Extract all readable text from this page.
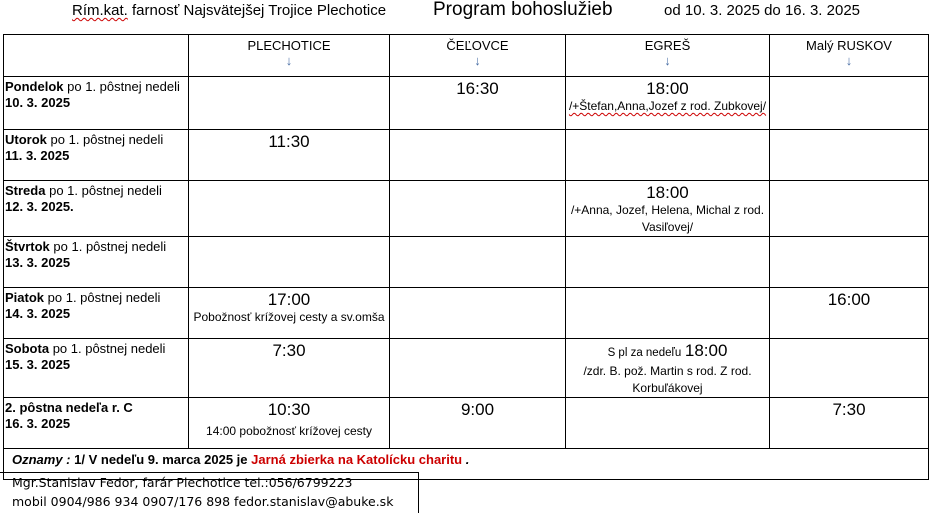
Rím.kat. farnosť Najsvätejšej Trojice Plechotice Program bohoslužieb	od 10. 3. 2025 do 16. 3. 2025
	PLECHOTICE
↓	ČEĽOVCE
↓	EGREŠ
↓	Malý RUSKOV
↓

Pondelok po 1. pôstnej nedeli 10. 3. 2025		16:30	18:00
/+Štefan,Anna,Jozef z rod. Zubkovej/	

Utorok po 1. pôstnej nedeli
11. 3. 2025	11:30			

Streda po 1. pôstnej nedeli
12. 3. 2025.			18:00
/+Anna, Jozef, Helena, Michal z rod. Vasiľovej/	

Štvrtok po 1. pôstnej nedeli
13. 3. 2025				
Piatok po 1. pôstnej nedeli
14. 3. 2025	17:00
Pobožnosť krížovej cesty a sv.omša			16:00

Sobota po 1. pôstnej nedeli
15. 3. 2025	7:30		S pl za nedeľu 18:00
/zdr. B. pož. Martin s rod. Z rod. Korbuľákovej	

2. pôstna nedeľa r. C
16. 3. 2025	10:30
14:00 pobožnosť krížovej cesty	9:00		7:30

Oznamy : 1/ V nedeľu 9. marca 2025 je Jarná zbierka na Katolícku charitu .				
Mgr.Stanislav Fedor, farár Plechotice tel.:056/6799223
mobil 0904/986 934 0907/176 898 fedor.stanislav@abuke.sk
